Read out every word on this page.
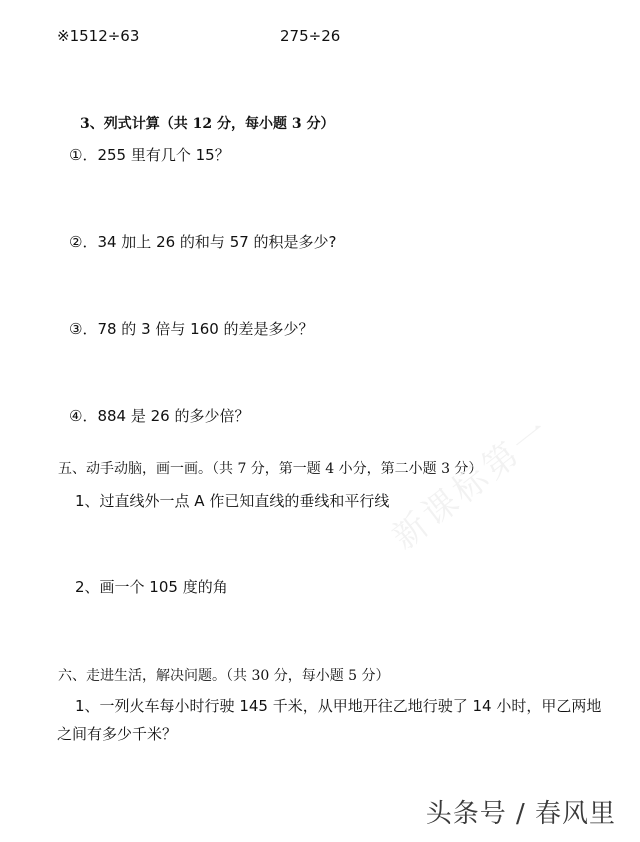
※1512÷63	275÷26
3、列式计算（共 12 分，每小题 3 分）
①．255 里有几个 15？
②．34 加上 26 的和与 57 的积是多少?
③．78 的 3 倍与 160 的差是多少？
④．884 是 26 的多少倍？
五、动手动脑，画一画。（共 7 分，第一题 4 小分，第二小题 3 分）
1、过直线外一点 A 作已知直线的垂线和平行线
2、画一个 105 度的角
六、走进生活，解决问题。（共 30 分，每小题 5 分）
1、一列火车每小时行驶 145 千米，从甲地开往乙地行驶了 14 小时，甲乙两地
之间有多少千米？
新课标第一
头条号 / 春风里
